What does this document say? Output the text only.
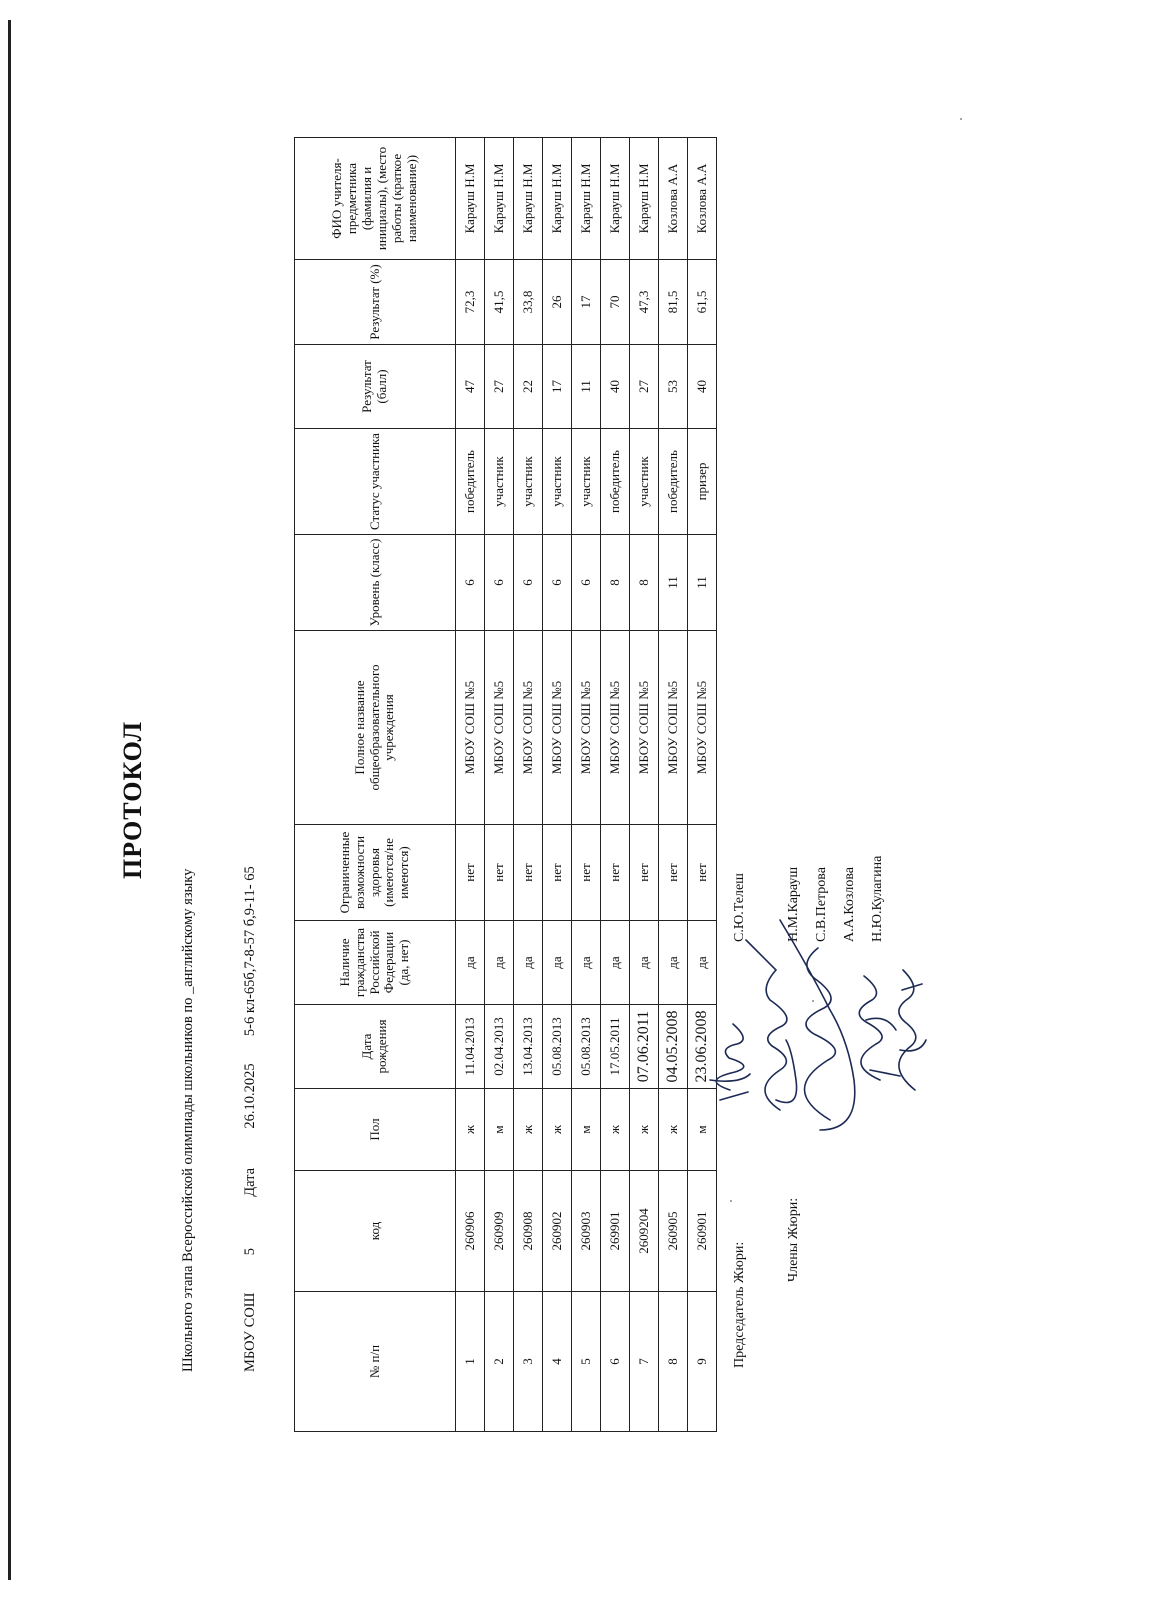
ПРОТОКОЛ
Школьного этапа Всероссийской олимпиады школьников по _английскому языку	МБОУ СОШ  5  Дата  26.10.2025  5-6 кл-65б,7-8-57 б,9-11- 65
№ п/п	код	Пол	Дата рождения	Наличие гражданства Российской Федерации (да, нет)	Ограниченные возможности здоровья (имеются/не имеются)	Полное название общеобразовательного учреждения	Уровень (класс)	Статус участника	Результат (балл)	Результат (%)	ФИО учителя-предметника (фамилия и инициалы), (место работы (краткое наименование))
1	260906	ж	11.04.2013	да	нет	МБОУ СОШ №5	6	победитель	47	72,3	Карауш Н.М
2	260909	м	02.04.2013	да	нет	МБОУ СОШ №5	6	участник	27	41,5	Карауш Н.М
3	260908	ж	13.04.2013	да	нет	МБОУ СОШ №5	6	участник	22	33,8	Карауш Н.М
4	260902	ж	05.08.2013	да	нет	МБОУ СОШ №5	6	участник	17	26	Карауш Н.М
5	260903	м	05.08.2013	да	нет	МБОУ СОШ №5	6	участник	11	17	Карауш Н.М
6	269901	ж	17.05.2011	да	нет	МБОУ СОШ №5	8	победитель	40	70	Карауш Н.М
7	2609204	ж	07.06.2011	да	нет	МБОУ СОШ №5	8	участник	27	47,3	Карауш Н.М
8	260905	ж	04.05.2008	да	нет	МБОУ СОШ №5	11	победитель	53	81,5	Козлова А.А
9	260901	м	23.06.2008	да	нет	МБОУ СОШ №5	11	призер	40	61,5	Козлова А.А
Председатель Жюри:
С.Ю.Телеш
Члены Жюри:
Н.М.Карауш С.В.Петрова А.А.Козлова Н.Ю.Кулагина
